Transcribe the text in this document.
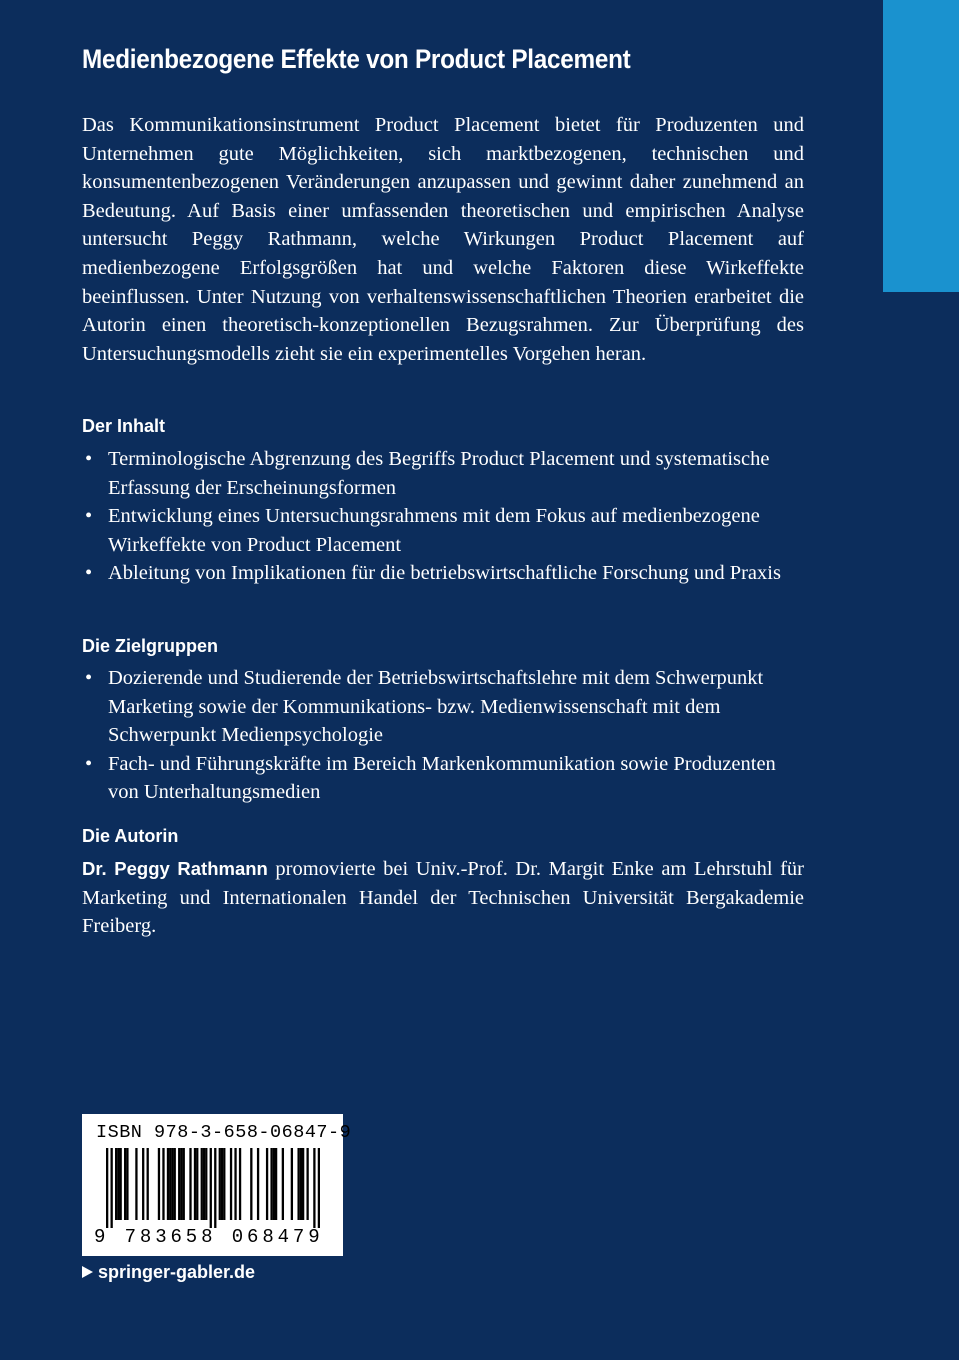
Medienbezogene Effekte von Product Placement

Das Kommunikationsinstrument Product Placement bietet für Produzenten und Unternehmen gute Möglichkeiten, sich marktbezogenen, technischen und konsumentenbezogenen Veränderungen anzupassen und gewinnt daher zunehmend an Bedeutung. Auf Basis einer umfassenden theoretischen und empirischen Analyse untersucht Peggy Rathmann, welche Wirkungen Product Placement auf medienbezogene Erfolgsgrößen hat und welche Faktoren diese Wirkeffekte beeinflussen. Unter Nutzung von verhaltenswissenschaftlichen Theorien erarbeitet die Autorin einen theoretisch-konzeptionellen Bezugsrahmen. Zur Überprüfung des Untersuchungsmodells zieht sie ein experimentelles Vorgehen heran.

Der Inhalt
• Terminologische Abgrenzung des Begriffs Product Placement und systematische Erfassung der Erscheinungsformen
• Entwicklung eines Untersuchungsrahmens mit dem Fokus auf medienbezogene Wirkeffekte von Product Placement
• Ableitung von Implikationen für die betriebswirtschaftliche Forschung und Praxis
Die Zielgruppen
• Dozierende und Studierende der Betriebswirtschaftslehre mit dem Schwerpunkt Marketing sowie der Kommunikations- bzw. Medienwissenschaft mit dem Schwerpunkt Medienpsychologie
• Fach- und Führungskräfte im Bereich Markenkommunikation sowie Produzenten von Unterhaltungsmedien
Die Autorin

Dr. Peggy Rathmann promovierte bei Univ.-Prof. Dr. Margit Enke am Lehrstuhl für Marketing und Internationalen Handel der Technischen Universität Bergakademie Freiberg.

ISBN 978-3-658-06847-9
9 783658 068479
springer-gabler.de
